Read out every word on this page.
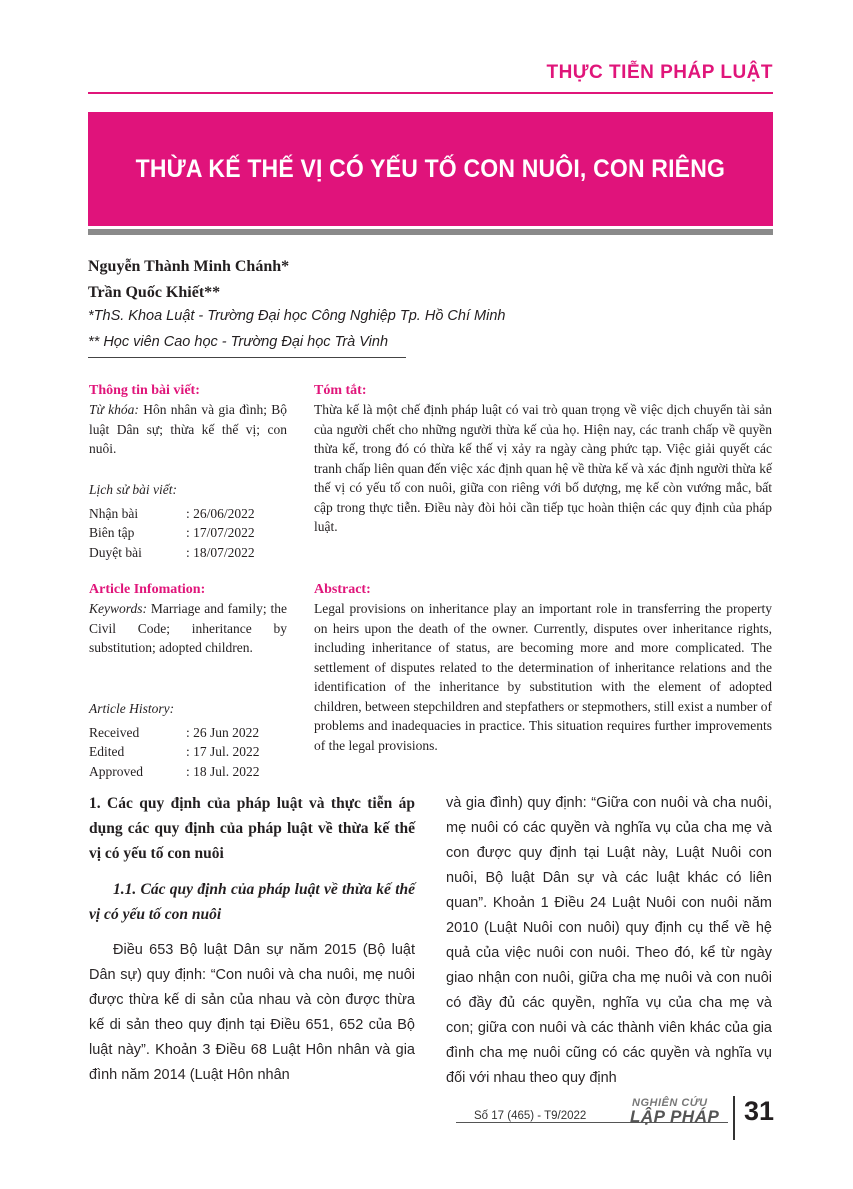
THỰC TIỄN PHÁP LUẬT
THỪA KẾ THẾ VỊ CÓ YẾU TỐ CON NUÔI, CON RIÊNG
Nguyễn Thành Minh Chánh*
Trần Quốc Khiết**
*ThS. Khoa Luật - Trường Đại học Công Nghiệp Tp. Hồ Chí Minh
** Học viên Cao học - Trường Đại học Trà Vinh
Thông tin bài viết:
Từ khóa: Hôn nhân và gia đình; Bộ luật Dân sự; thừa kế thế vị; con nuôi.
Lịch sử bài viết:
Nhận bài	: 26/06/2022
Biên tập	: 17/07/2022
Duyệt bài	: 18/07/2022
Tóm tắt:
Thừa kế là một chế định pháp luật có vai trò quan trọng về việc dịch chuyển tài sản của người chết cho những người thừa kế của họ. Hiện nay, các tranh chấp về quyền thừa kế, trong đó có thừa kế thế vị xảy ra ngày càng phức tạp. Việc giải quyết các tranh chấp liên quan đến việc xác định quan hệ về thừa kế và xác định người thừa kế thế vị có yếu tố con nuôi, giữa con riêng với bố dượng, mẹ kế còn vướng mắc, bất cập trong thực tiễn. Điều này đòi hỏi cần tiếp tục hoàn thiện các quy định của pháp luật.
Article Infomation:
Keywords: Marriage and family; the Civil Code; inheritance by substitution; adopted children.
Article History:
Received	: 26 Jun 2022
Edited	: 17 Jul. 2022
Approved	: 18 Jul. 2022
Abstract:
Legal provisions on inheritance play an important role in transferring the property on heirs upon the death of the owner. Currently, disputes over inheritance rights, including inheritance of status, are becoming more and more complicated. The settlement of disputes related to the determination of inheritance relations and the identification of the inheritance by substitution with the element of adopted children, between stepchildren and stepfathers or stepmothers, still exist a number of problems and inadequacies in practice. This situation requires further improvements of the legal provisions.
1. Các quy định của pháp luật và thực tiễn áp dụng các quy định của pháp luật về thừa kế thế vị có yếu tố con nuôi
1.1. Các quy định của pháp luật về thừa kế thế vị có yếu tố con nuôi
Điều 653 Bộ luật Dân sự năm 2015 (Bộ luật Dân sự) quy định: “Con nuôi và cha nuôi, mẹ nuôi được thừa kế di sản của nhau và còn được thừa kế di sản theo quy định tại Điều 651, 652 của Bộ luật này”. Khoản 3 Điều 68 Luật Hôn nhân và gia đình năm 2014 (Luật Hôn nhân
và gia đình) quy định: “Giữa con nuôi và cha nuôi, mẹ nuôi có các quyền và nghĩa vụ của cha mẹ và con được quy định tại Luật này, Luật Nuôi con nuôi, Bộ luật Dân sự và các luật khác có liên quan”. Khoản 1 Điều 24 Luật Nuôi con nuôi năm 2010 (Luật Nuôi con nuôi) quy định cụ thể về hệ quả của việc nuôi con nuôi. Theo đó, kể từ ngày giao nhận con nuôi, giữa cha mẹ nuôi và con nuôi có đầy đủ các quyền, nghĩa vụ của cha mẹ và con; giữa con nuôi và các thành viên khác của gia đình cha mẹ nuôi cũng có các quyền và nghĩa vụ đối với nhau theo quy định
Số 17 (465) - T9/2022
NGHIÊN CỨU
LẬP PHÁP 31
